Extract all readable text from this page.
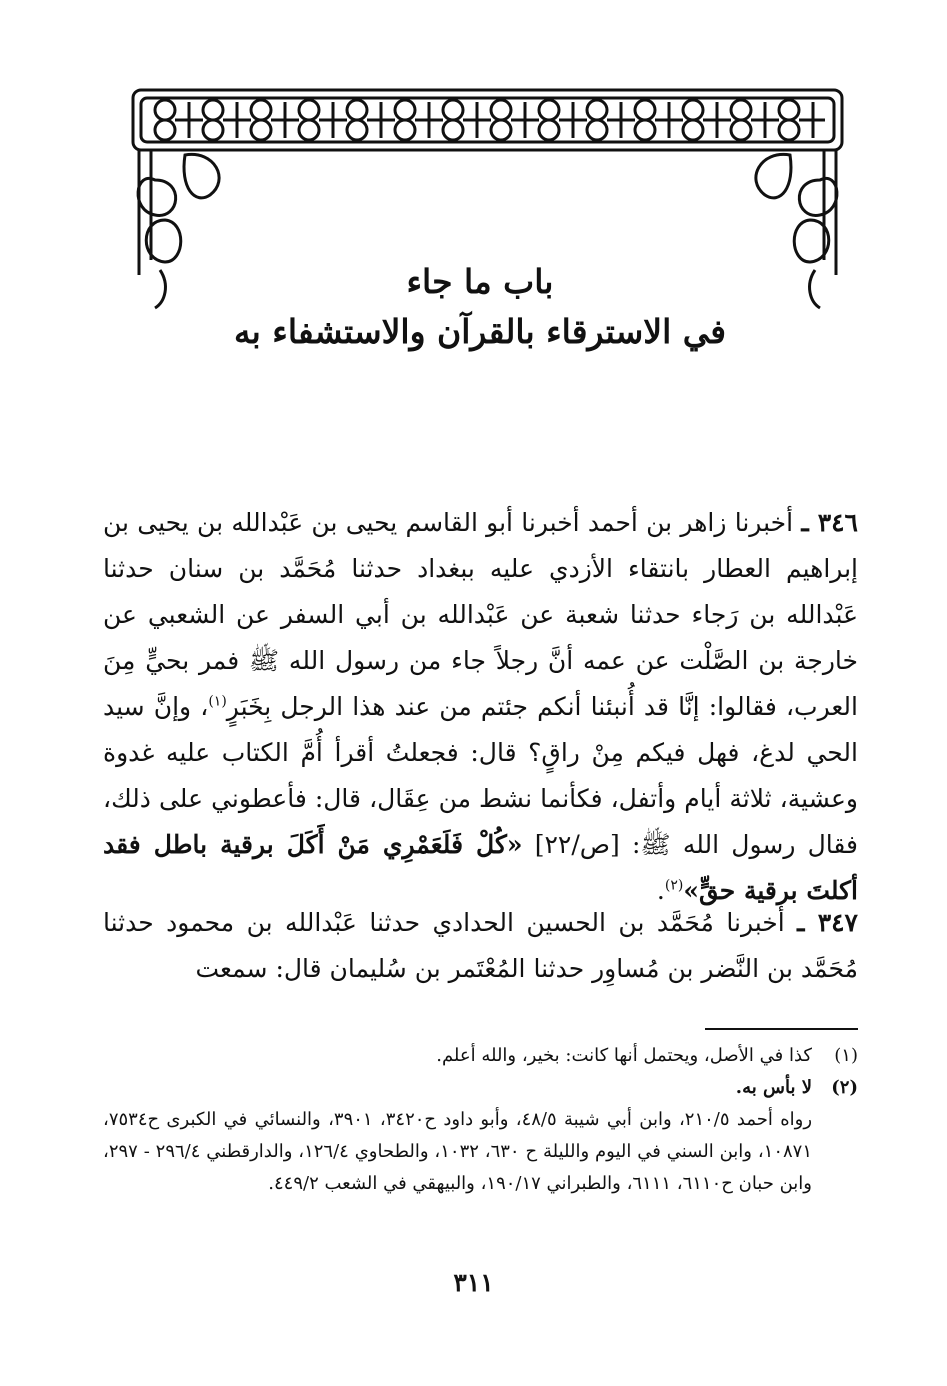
باب ما جاء
في الاسترقاء بالقرآن والاستشفاء به
٣٤٦ ـ أخبرنا زاهر بن أحمد أخبرنا أبو القاسم يحيى بن عَبْدالله بن يحيى بن إبراهيم العطار بانتقاء الأزدي عليه ببغداد حدثنا مُحَمَّد بن سنان حدثنا عَبْدالله بن رَجاء حدثنا شعبة عن عَبْدالله بن أبي السفر عن الشعبي عن خارجة بن الصَّلْت عن عمه أنَّ رجلاً جاء من رسول الله ﷺ فمر بحيٍّ مِنَ العرب، فقالوا: إنَّا قد أُنبئنا أنكم جئتم من عند هذا الرجل بِخَبَرٍ$^{(١)}$، وإنَّ سيد الحي لدغ، فهل فيكم مِنْ راقٍ؟ قال: فجعلتُ أقرأ أُمَّ الكتاب عليه غدوة وعشية، ثلاثة أيام وأتفل، فكأنما نشط من عِقَال، قال: فأعطوني على ذلك، فقال رسول الله ﷺ: [ص/٢٢] «كُلْ فَلَعَمْرِي مَنْ أَكَلَ برقية باطل فقد أكلتَ برقية حقٍّ»$^{(٢)}$.
٣٤٧ ـ أخبرنا مُحَمَّد بن الحسين الحدادي حدثنا عَبْدالله بن محمود حدثنا مُحَمَّد بن النَّضر بن مُساوِر حدثنا المُعْتَمر بن سُليمان قال: سمعت
(١)
كذا في الأصل، ويحتمل أنها كانت: بخير، والله أعلم.
(٢)
لا بأس به.
رواه أحمد ٢١٠/٥، وابن أبي شيبة ٤٨/٥، وأبو داود ح٣٤٢٠، ٣٩٠١، والنسائي في الكبرى ح٧٥٣٤، ١٠٨٧١، وابن السني في اليوم والليلة ح ٦٣٠، ١٠٣٢، والطحاوي ١٢٦/٤، والدارقطني ٢٩٦/٤ - ٢٩٧، وابن حبان ح٦١١٠، ٦١١١، والطبراني ١٩٠/١٧، والبيهقي في الشعب ٤٤٩/٢.
٣١١
